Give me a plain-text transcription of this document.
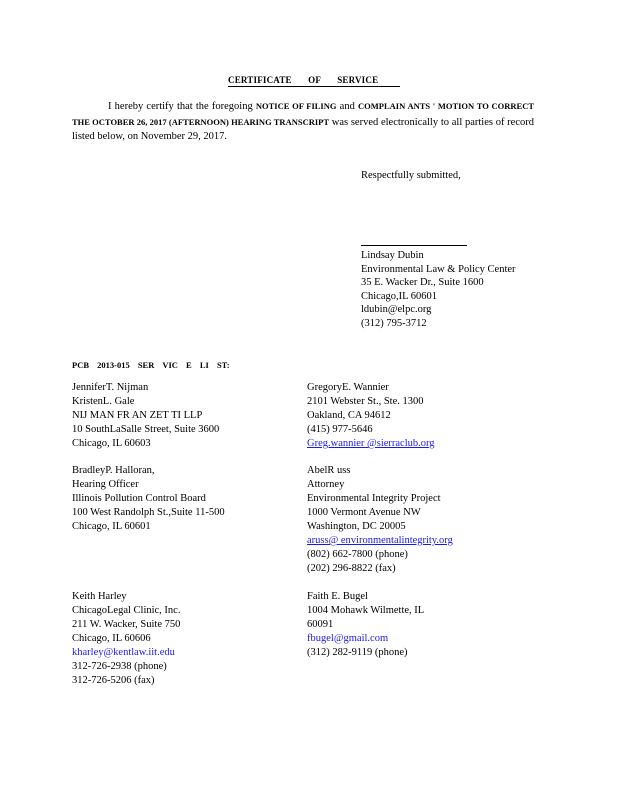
CERTIFICATE OF SERVICE
I hereby certify that the foregoing NOTICE OF FILING and COMPLAIN ANTS ' MOTION TO CORRECT THE OCTOBER 26, 2017 (AFTERNOON) HEARING TRANSCRIPT was served electronically to all parties of record listed below, on November 29, 2017.
Respectfully submitted,
Lindsay Dubin
Environmental Law & Policy Center
35 E. Wacker Dr., Suite 1600
Chicago,IL 60601
ldubin@elpc.org
(312) 795-3712
PCB 2013-015 SER VIC E LI ST:
JenniferT. Nijman
KristenL. Gale
NIJ MAN FR AN ZET TI LLP
10 SouthLaSalle Street, Suite 3600
Chicago, IL 60603
GregoryE. Wannier
2101 Webster St., Ste. 1300
Oakland, CA 94612
(415) 977-5646
Greg.wannier @sierraclub.org
BradleyP. Halloran,
Hearing Officer
Illinois Pollution Control Board
100 West Randolph St.,Suite 11-500
Chicago, IL 60601
AbelR uss
Attorney
Environmental Integrity Project
1000 Vermont Avenue NW
Washington, DC 20005
aruss@ environmentalintegrity.org
(802) 662-7800 (phone)
(202) 296-8822 (fax)
Keith Harley
ChicagoLegal Clinic, Inc.
211 W. Wacker, Suite 750
Chicago, IL 60606
kharley@kentlaw.iit.edu
312-726-2938 (phone)
312-726-5206 (fax)
Faith E. Bugel
1004 Mohawk Wilmette, IL
60091
fbugel@gmail.com
(312) 282-9119 (phone)
